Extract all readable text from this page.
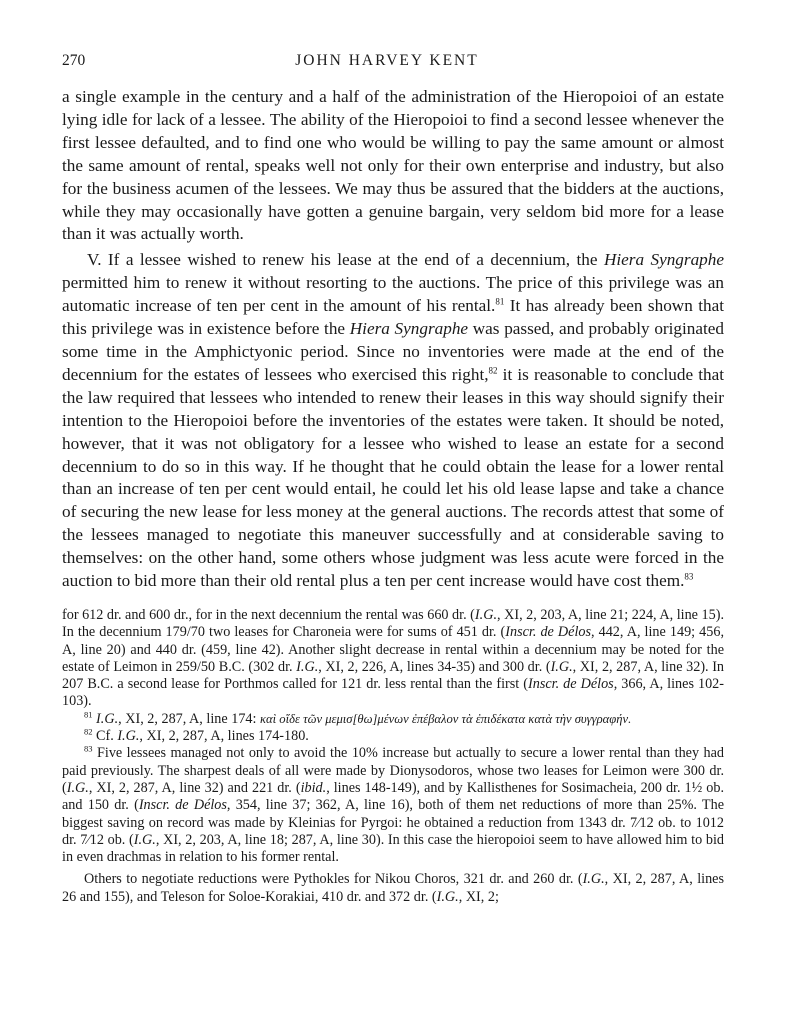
270	JOHN HARVEY KENT

a single example in the century and a half of the administration of the Hieropoioi of an estate lying idle for lack of a lessee. The ability of the Hieropoioi to find a second lessee whenever the first lessee defaulted, and to find one who would be willing to pay the same amount or almost the same amount of rental, speaks well not only for their own enterprise and industry, but also for the business acumen of the lessees. We may thus be assured that the bidders at the auctions, while they may occasionally have gotten a genuine bargain, very seldom bid more for a lease than it was actually worth.

V. If a lessee wished to renew his lease at the end of a decennium, the Hiera Syngraphe permitted him to renew it without resorting to the auctions. The price of this privilege was an automatic increase of ten per cent in the amount of his rental.$^{81}$ It has already been shown that this privilege was in existence before the Hiera Syngraphe was passed, and probably originated some time in the Amphictyonic period. Since no inventories were made at the end of the decennium for the estates of lessees who exercised this right,$^{82}$ it is reasonable to conclude that the law required that lessees who intended to renew their leases in this way should signify their intention to the Hieropoioi before the inventories of the estates were taken. It should be noted, however, that it was not obligatory for a lessee who wished to lease an estate for a second decennium to do so in this way. If he thought that he could obtain the lease for a lower rental than an increase of ten per cent would entail, he could let his old lease lapse and take a chance of securing the new lease for less money at the general auctions. The records attest that some of the lessees managed to negotiate this maneuver successfully and at considerable saving to themselves: on the other hand, some others whose judgment was less acute were forced in the auction to bid more than their old rental plus a ten per cent increase would have cost them.$^{83}$

for 612 dr. and 600 dr., for in the next decennium the rental was 660 dr. (I.G., XI, 2, 203, A, line 21; 224, A, line 15). In the decennium 179/70 two leases for Charoneia were for sums of 451 dr. (Inscr. de Délos, 442, A, line 149; 456, A, line 20) and 440 dr. (459, line 42). Another slight decrease in rental within a decennium may be noted for the estate of Leimon in 259/50 B.C. (302 dr. I.G., XI, 2, 226, A, lines 34-35) and 300 dr. (I.G., XI, 2, 287, A, line 32). In 207 B.C. a second lease for Porthmos called for 121 dr. less rental than the first (Inscr. de Délos, 366, A, lines 102-103).

$^{81}$ I.G., XI, 2, 287, A, line 174: καὶ οἵδε τῶν μεμισ[θω]μένων ἐπέβαλον τὰ ἐπιδέκατα κατὰ τὴν συγγραφήν.

$^{82}$ Cf. I.G., XI, 2, 287, A, lines 174-180.

$^{83}$ Five lessees managed not only to avoid the 10% increase but actually to secure a lower rental than they had paid previously. The sharpest deals of all were made by Dionysodoros, whose two leases for Leimon were 300 dr. (I.G., XI, 2, 287, A, line 32) and 221 dr. (ibid., lines 148-149), and by Kallisthenes for Sosimacheia, 200 dr. 1½ ob. and 150 dr. (Inscr. de Délos, 354, line 37; 362, A, line 16), both of them net reductions of more than 25%. The biggest saving on record was made by Kleinias for Pyrgoi: he obtained a reduction from 1343 dr. 7⁄12 ob. to 1012 dr. 7⁄12 ob. (I.G., XI, 2, 203, A, line 18; 287, A, line 30). In this case the hieropoioi seem to have allowed him to bid in even drachmas in relation to his former rental.

Others to negotiate reductions were Pythokles for Nikou Choros, 321 dr. and 260 dr. (I.G., XI, 2, 287, A, lines 26 and 155), and Teleson for Soloe-Korakiai, 410 dr. and 372 dr. (I.G., XI, 2;
